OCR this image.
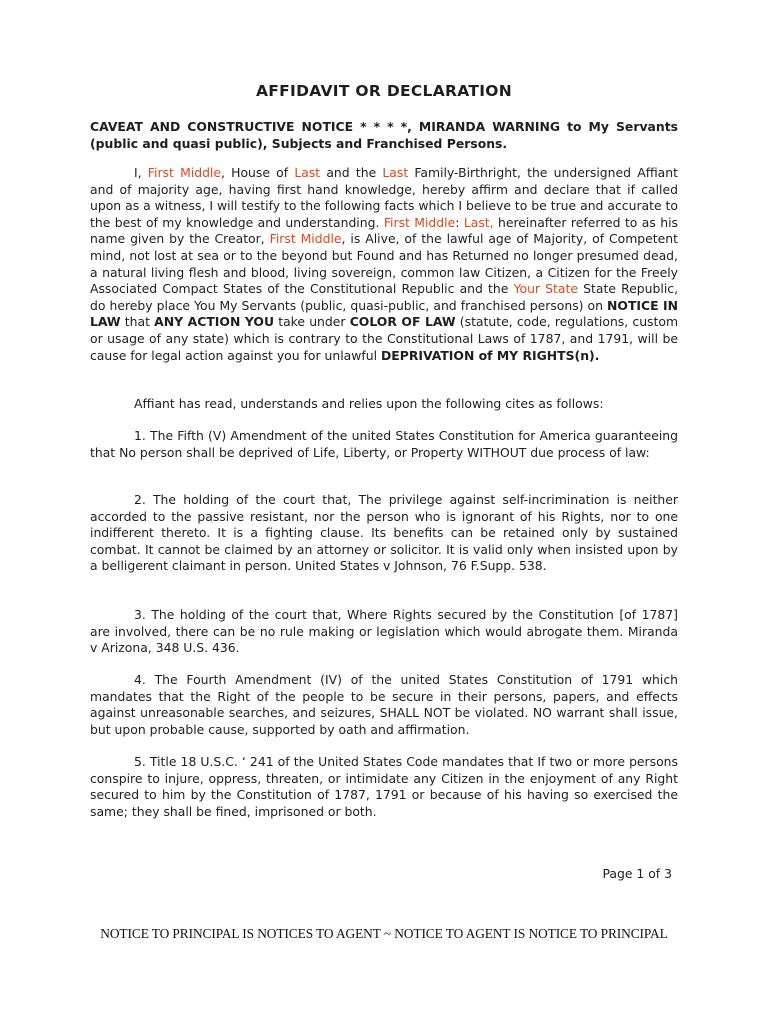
AFFIDAVIT OR DECLARATION

CAVEAT AND CONSTRUCTIVE NOTICE * * * *, MIRANDA WARNING to My Servants (public and quasi public), Subjects and Franchised Persons.

I, First Middle, House of Last and the Last Family-Birthright, the undersigned Affiant and of majority age, having first hand knowledge, hereby affirm and declare that if called upon as a witness, I will testify to the following facts which I believe to be true and accurate to the best of my knowledge and understanding. First Middle: Last, hereinafter referred to as his name given by the Creator, First Middle, is Alive, of the lawful age of Majority, of Competent mind, not lost at sea or to the beyond but Found and has Returned no longer presumed dead, a natural living flesh and blood, living sovereign, common law Citizen, a Citizen for the Freely Associated Compact States of the Constitutional Republic and the Your State State Republic, do hereby place You My Servants (public, quasi-public, and franchised persons) on NOTICE IN LAW that ANY ACTION YOU take under COLOR OF LAW (statute, code, regulations, custom or usage of any state) which is contrary to the Constitutional Laws of 1787, and 1791, will be cause for legal action against you for unlawful DEPRIVATION of MY RIGHTS(n).

Affiant has read, understands and relies upon the following cites as follows:

1. The Fifth (V) Amendment of the united States Constitution for America guaranteeing that No person shall be deprived of Life, Liberty, or Property WITHOUT due process of law:

2. The holding of the court that, The privilege against self-incrimination is neither accorded to the passive resistant, nor the person who is ignorant of his Rights, nor to one indifferent thereto. It is a fighting clause. Its benefits can be retained only by sustained combat. It cannot be claimed by an attorney or solicitor. It is valid only when insisted upon by a belligerent claimant in person. United States v Johnson, 76 F.Supp. 538.

3. The holding of the court that, Where Rights secured by the Constitution [of 1787] are involved, there can be no rule making or legislation which would abrogate them. Miranda v Arizona, 348 U.S. 436.

4. The Fourth Amendment (IV) of the united States Constitution of 1791 which mandates that the Right of the people to be secure in their persons, papers, and effects against unreasonable searches, and seizures, SHALL NOT be violated. NO warrant shall issue, but upon probable cause, supported by oath and affirmation.

5. Title 18 U.S.C. ‘ 241 of the United States Code mandates that If two or more persons conspire to injure, oppress, threaten, or intimidate any Citizen in the enjoyment of any Right secured to him by the Constitution of 1787, 1791 or because of his having so exercised the same; they shall be fined, imprisoned or both.

Page 1 of 3
NOTICE TO PRINCIPAL IS NOTICES TO AGENT ~ NOTICE TO AGENT IS NOTICE TO PRINCIPAL
